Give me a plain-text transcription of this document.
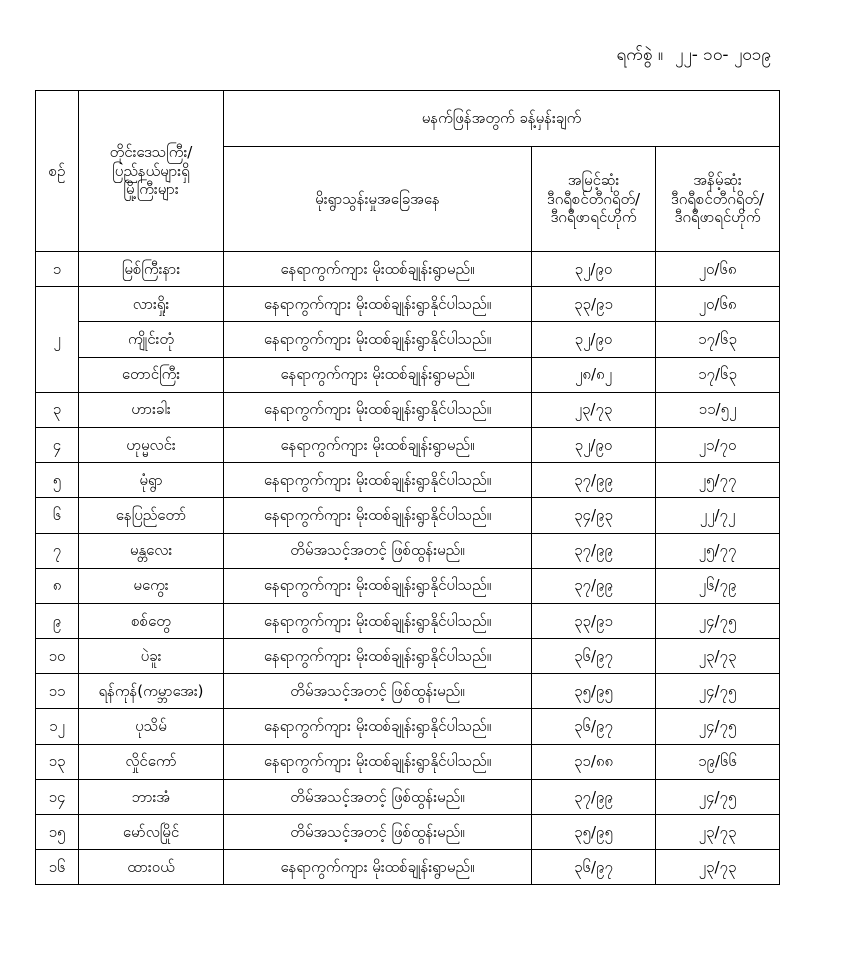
ရက်စွဲ ။ ၂၂- ၁၀- ၂၀၁၉
စဉ်	တိုင်းဒေသကြီး/
ပြည်နယ်များရှိ
မြို့ကြီးများ	မနက်ဖြန်အတွက် ခန့်မှန်းချက်		
		မိုးရွာသွန်းမှုအခြေအနေ	အမြင့်ဆုံး
ဒီဂရီစင်တီဂရိတ်/
ဒီဂရီဖာရင်ဟိုက်	အနိမ့်ဆုံး
ဒီဂရီစင်တီဂရိတ်/
ဒီဂရီဖာရင်ဟိုက်

၁	မြစ်ကြီးနား	နေရာကွက်ကျား မိုးထစ်ချုန်းရွာမည်။	၃၂/၉၀	၂၀/၆၈
၂	လားရှိုး	နေရာကွက်ကျား မိုးထစ်ချုန်းရွာနိုင်ပါသည်။	၃၃/၉၁	၂၀/၆၈
	ကျိုင်းတုံ	နေရာကွက်ကျား မိုးထစ်ချုန်းရွာနိုင်ပါသည်။	၃၂/၉၀	၁၇/၆၃
	တောင်ကြီး	နေရာကွက်ကျား မိုးထစ်ချုန်းရွာမည်။	၂၈/၈၂	၁၇/၆၃
၃	ဟားခါး	နေရာကွက်ကျား မိုးထစ်ချုန်းရွာနိုင်ပါသည်။	၂၃/၇၃	၁၁/၅၂
၄	ဟုမ္မလင်း	နေရာကွက်ကျား မိုးထစ်ချုန်းရွာမည်။	၃၂/၉၀	၂၁/၇၀
၅	မုံရွာ	နေရာကွက်ကျား မိုးထစ်ချုန်းရွာနိုင်ပါသည်။	၃၇/၉၉	၂၅/၇၇
၆	နေပြည်တော်	နေရာကွက်ကျား မိုးထစ်ချုန်းရွာနိုင်ပါသည်။	၃၄/၉၃	၂၂/၇၂
၇	မန္တလေး	တိမ်အသင့်အတင့် ဖြစ်ထွန်းမည်။	၃၇/၉၉	၂၅/၇၇
၈	မကွေး	နေရာကွက်ကျား မိုးထစ်ချုန်းရွာနိုင်ပါသည်။	၃၇/၉၉	၂၆/၇၉
၉	စစ်တွေ	နေရာကွက်ကျား မိုးထစ်ချုန်းရွာနိုင်ပါသည်။	၃၃/၉၁	၂၄/၇၅
၁၀	ပဲခူး	နေရာကွက်ကျား မိုးထစ်ချုန်းရွာနိုင်ပါသည်။	၃၆/၉၇	၂၃/၇၃
၁၁	ရန်ကုန်(ကမ္ဘာအေး)	တိမ်အသင့်အတင့် ဖြစ်ထွန်းမည်။	၃၅/၉၅	၂၄/၇၅
၁၂	ပုသိမ်	နေရာကွက်ကျား မိုးထစ်ချုန်းရွာနိုင်ပါသည်။	၃၆/၉၇	၂၄/၇၅
၁၃	လှိုင်ကော်	နေရာကွက်ကျား မိုးထစ်ချုန်းရွာနိုင်ပါသည်။	၃၁/၈၈	၁၉/၆၆
၁၄	ဘားအံ	တိမ်အသင့်အတင့် ဖြစ်ထွန်းမည်။	၃၇/၉၉	၂၄/၇၅
၁၅	မော်လမြိုင်	တိမ်အသင့်အတင့် ဖြစ်ထွန်းမည်။	၃၅/၉၅	၂၃/၇၃
၁၆	ထားဝယ်	နေရာကွက်ကျား မိုးထစ်ချုန်းရွာမည်။	၃၆/၉၇	၂၃/၇၃
